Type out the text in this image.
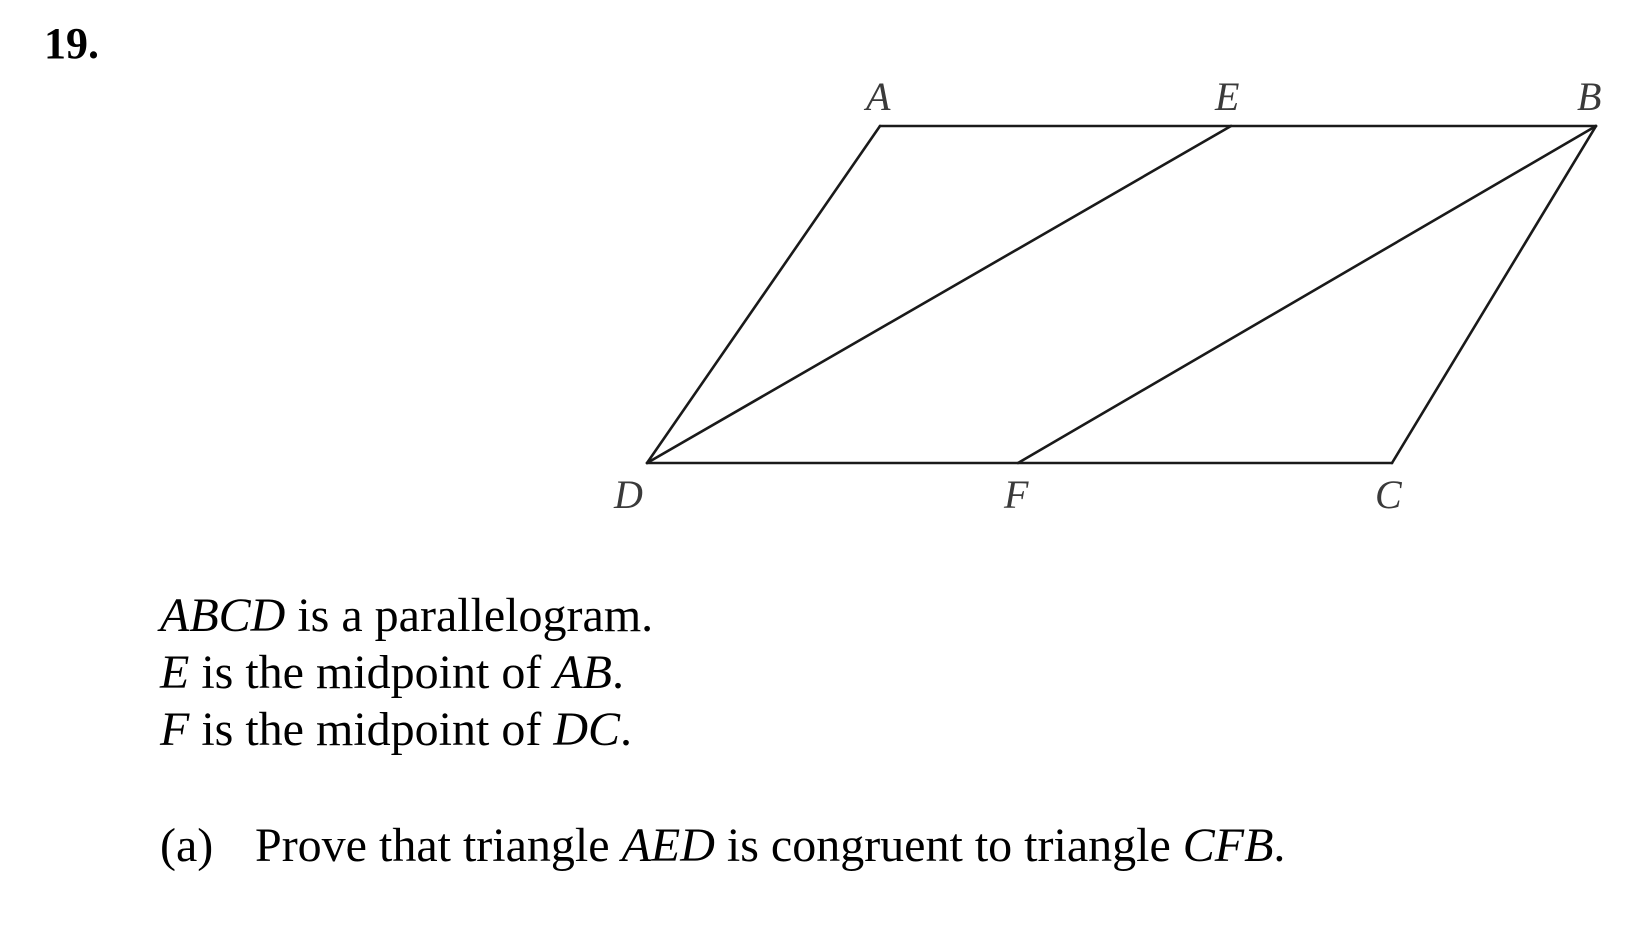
19.
A	E	B
D	F	C
ABCD is a parallelogram.
E is the midpoint of AB.
F is the midpoint of DC.
(a) Prove that triangle AED is congruent to triangle CFB.
